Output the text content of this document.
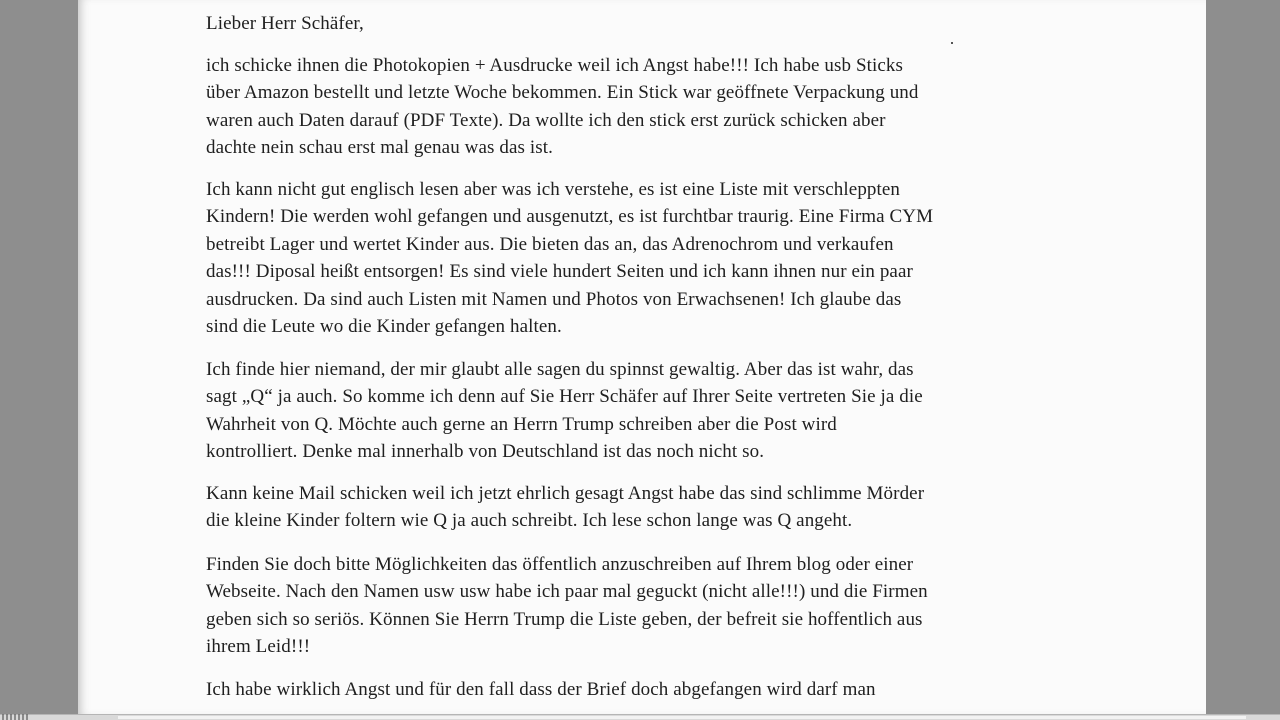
Lieber Herr Schäfer,

ich schicke ihnen die Photokopien + Ausdrucke weil ich Angst habe!!! Ich habe usb Sticks
über Amazon bestellt und letzte Woche bekommen. Ein Stick war geöffnete Verpackung und
waren auch Daten darauf (PDF Texte). Da wollte ich den stick erst zurück schicken aber
dachte nein schau erst mal genau was das ist.

Ich kann nicht gut englisch lesen aber was ich verstehe, es ist eine Liste mit verschleppten
Kindern! Die werden wohl gefangen und ausgenutzt, es ist furchtbar traurig. Eine Firma CYM
betreibt Lager und wertet Kinder aus. Die bieten das an, das Adrenochrom und verkaufen
das!!! Diposal heißt entsorgen! Es sind viele hundert Seiten und ich kann ihnen nur ein paar
ausdrucken. Da sind auch Listen mit Namen und Photos von Erwachsenen! Ich glaube das
sind die Leute wo die Kinder gefangen halten.

Ich finde hier niemand, der mir glaubt alle sagen du spinnst gewaltig. Aber das ist wahr, das
sagt „Q“ ja auch. So komme ich denn auf Sie Herr Schäfer auf Ihrer Seite vertreten Sie ja die
Wahrheit von Q. Möchte auch gerne an Herrn Trump schreiben aber die Post wird
kontrolliert. Denke mal innerhalb von Deutschland ist das noch nicht so.

Kann keine Mail schicken weil ich jetzt ehrlich gesagt Angst habe das sind schlimme Mörder
die kleine Kinder foltern wie Q ja auch schreibt. Ich lese schon lange was Q angeht.

Finden Sie doch bitte Möglichkeiten das öffentlich anzuschreiben auf Ihrem blog oder einer
Webseite. Nach den Namen usw usw habe ich paar mal geguckt (nicht alle!!!) und die Firmen
geben sich so seriös. Können Sie Herrn Trump die Liste geben, der befreit sie hoffentlich aus
ihrem Leid!!!

Ich habe wirklich Angst und für den fall dass der Brief doch abgefangen wird darf man
